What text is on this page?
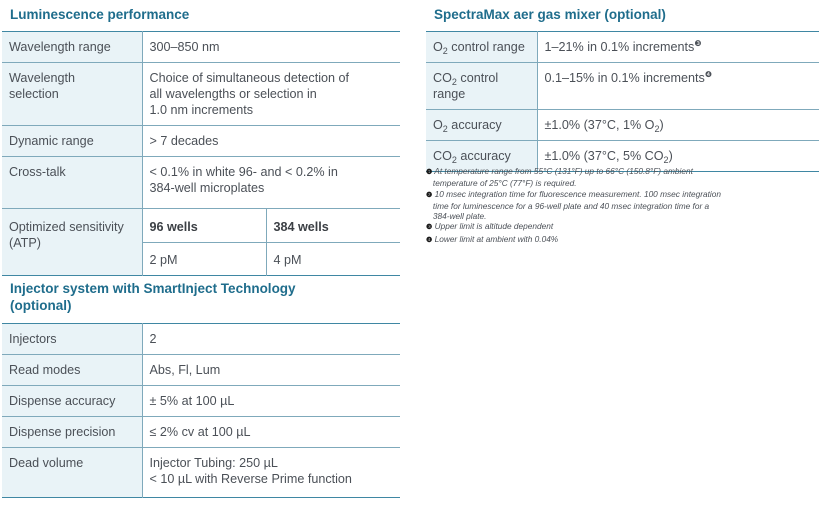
Luminescence performance
Wavelength range	300–850 nm	
Wavelength
selection	Choice of simultaneous detection of
all wavelengths or selection in
1.0 nm increments	
Dynamic range	> 7 decades	
Cross-talk	< 0.1% in white 96- and < 0.2% in
384-well microplates	
Optimized sensitivity
(ATP)	96 wells	384 wells
	2 pM	4 pM
Injector system with SmartInject Technology
(optional)
Injectors	2
Read modes	Abs, Fl, Lum
Dispense accuracy	± 5% at 100 µL
Dispense precision	≤ 2% cv at 100 µL
Dead volume	Injector Tubing: 250 µL
< 10 µL with Reverse Prime function
SpectraMax aer gas mixer (optional)
$O_2$ control range	1–21% in 0.1% increments$^❸$
$CO_2$ control range	0.1–15% in 0.1% increments$^❹$
$O_2$ accuracy	±1.0% (37°C, 1% $O_2$)
$CO_2$ accuracy	±1.0% (37°C, 5% $CO_2$)
❶ At temperature range from 55°C (131°F) up to 66°C (150.8°F) ambient
temperature of 25°C (77°F) is required.
❷ 10 msec integration time for fluorescence measurement. 100 msec integration
time for luminescence for a 96-well plate and 40 msec integration time for a
384-well plate.
❸ Upper limit is altitude dependent
❹ Lower limit at ambient with 0.04%
